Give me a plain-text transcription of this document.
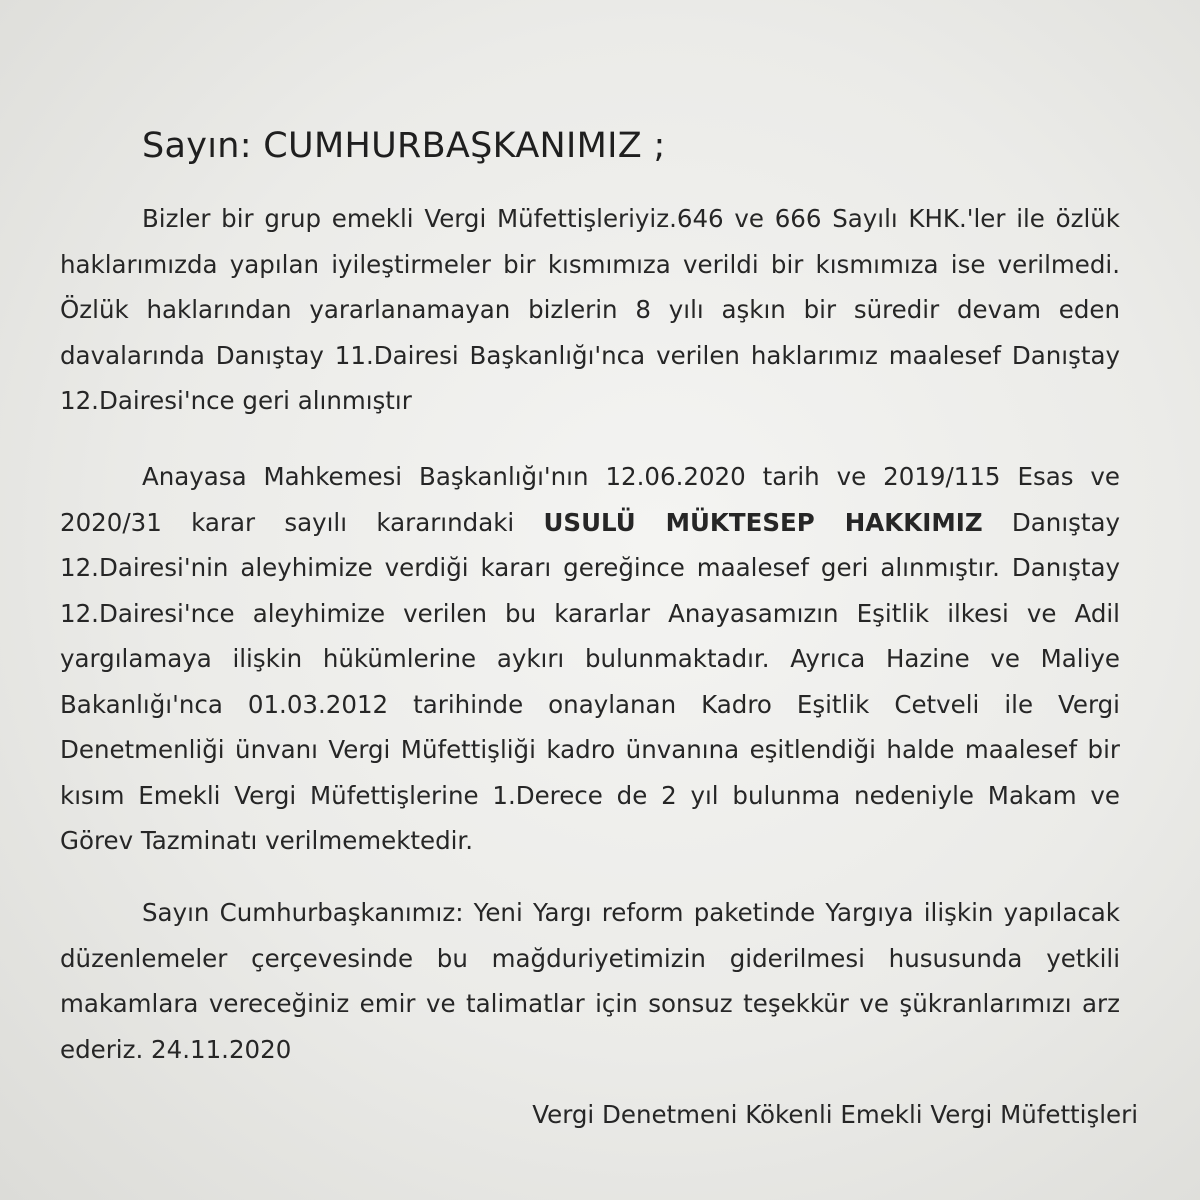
Sayın: CUMHURBAŞKANIMIZ ;
Bizler bir grup emekli Vergi Müfettişleriyiz.646 ve 666 Sayılı KHK.'ler ile özlük haklarımızda yapılan iyileştirmeler bir kısmımıza verildi bir kısmımıza ise verilmedi. Özlük haklarından yararlanamayan bizlerin 8 yılı aşkın bir süredir devam eden davalarında Danıştay 11.Dairesi Başkanlığı'nca verilen haklarımız maalesef Danıştay 12.Dairesi'nce geri alınmıştır
Anayasa Mahkemesi Başkanlığı'nın 12.06.2020 tarih ve 2019/115 Esas ve 2020/31 karar sayılı kararındaki USULÜ MÜKTESEP HAKKIMIZ Danıştay 12.Dairesi'nin aleyhimize verdiği kararı gereğince maalesef geri alınmıştır. Danıştay 12.Dairesi'nce aleyhimize verilen bu kararlar Anayasamızın Eşitlik ilkesi ve Adil yargılamaya ilişkin hükümlerine aykırı bulunmaktadır. Ayrıca Hazine ve Maliye Bakanlığı'nca 01.03.2012 tarihinde onaylanan Kadro Eşitlik Cetveli ile Vergi Denetmenliği ünvanı Vergi Müfettişliği kadro ünvanına eşitlendiği halde maalesef bir kısım Emekli Vergi Müfettişlerine 1.Derece de 2 yıl bulunma nedeniyle Makam ve Görev Tazminatı verilmemektedir.
Sayın Cumhurbaşkanımız: Yeni Yargı reform paketinde Yargıya ilişkin yapılacak düzenlemeler çerçevesinde bu mağduriyetimizin giderilmesi hususunda yetkili makamlara vereceğiniz emir ve talimatlar için sonsuz teşekkür ve şükranlarımızı arz ederiz. 24.11.2020
Vergi Denetmeni Kökenli Emekli Vergi Müfettişleri
